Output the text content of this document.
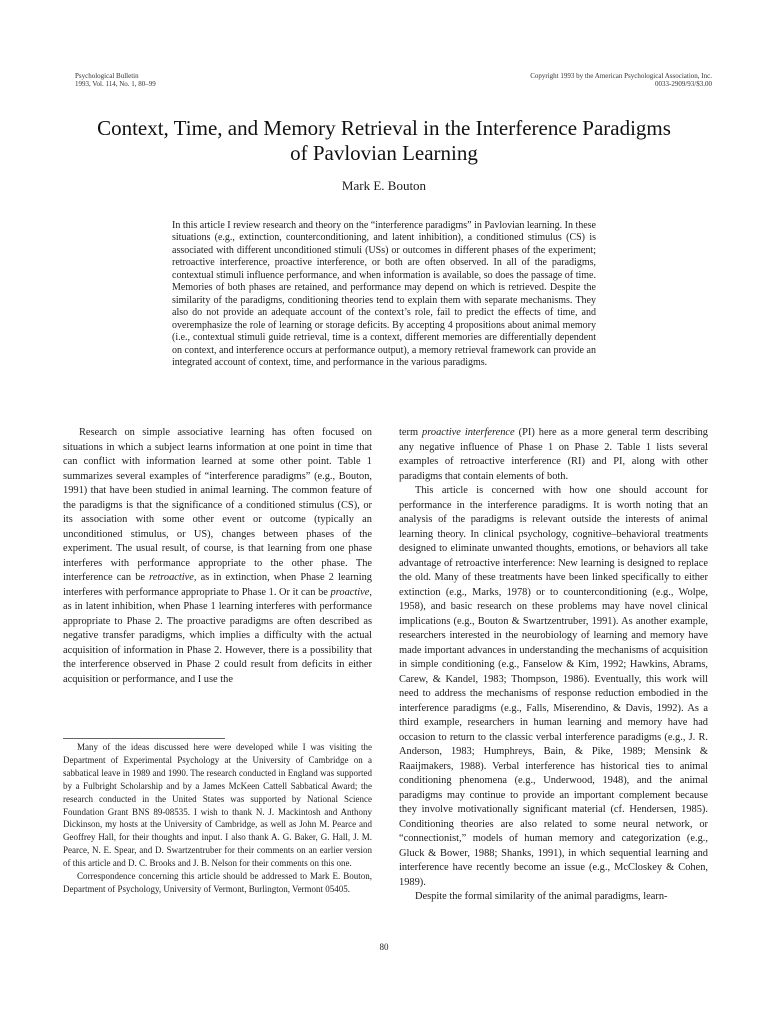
Psychological Bulletin
1993, Vol. 114, No. 1, 80–99
Copyright 1993 by the American Psychological Association, Inc.
0033-2909/93/$3.00
Context, Time, and Memory Retrieval in the Interference Paradigms
of Pavlovian Learning
Mark E. Bouton
In this article I review research and theory on the “interference paradigms” in Pavlovian learning. In these situations (e.g., extinction, counterconditioning, and latent inhibition), a conditioned stimulus (CS) is associated with different unconditioned stimuli (USs) or outcomes in different phases of the experiment; retroactive interference, proactive interference, or both are often observed. In all of the paradigms, contextual stimuli influence performance, and when information is available, so does the passage of time. Memories of both phases are retained, and performance may depend on which is retrieved. Despite the similarity of the paradigms, conditioning theories tend to explain them with separate mechanisms. They also do not provide an adequate account of the context’s role, fail to predict the effects of time, and overemphasize the role of learning or storage deficits. By accepting 4 propositions about animal memory (i.e., contextual stimuli guide retrieval, time is a context, different memories are differentially dependent on context, and interference occurs at performance output), a memory retrieval framework can provide an integrated account of context, time, and performance in the various paradigms.

Research on simple associative learning has often focused on situations in which a subject learns information at one point in time that can conflict with information learned at some other point. Table 1 summarizes several examples of “interference paradigms” (e.g., Bouton, 1991) that have been studied in animal learning. The common feature of the paradigms is that the significance of a conditioned stimulus (CS), or its association with some other event or outcome (typically an unconditioned stimulus, or US), changes between phases of the experiment. The usual result, of course, is that learning from one phase interferes with performance appropriate to the other phase. The interference can be retroactive, as in extinction, when Phase 2 learning interferes with performance appropriate to Phase 1. Or it can be proactive, as in latent inhibition, when Phase 1 learning interferes with performance appropriate to Phase 2. The proactive paradigms are often described as negative transfer paradigms, which implies a difficulty with the actual acquisition of information in Phase 2. However, there is a possibility that the interference observed in Phase 2 could result from deficits in either acquisition or performance, and I use the

Many of the ideas discussed here were developed while I was visiting the Department of Experimental Psychology at the University of Cambridge on a sabbatical leave in 1989 and 1990. The research conducted in England was supported by a Fulbright Scholarship and by a James McKeen Cattell Sabbatical Award; the research conducted in the United States was supported by National Science Foundation Grant BNS 89-08535. I wish to thank N. J. Mackintosh and Anthony Dickinson, my hosts at the University of Cambridge, as well as John M. Pearce and Geoffrey Hall, for their thoughts and input. I also thank A. G. Baker, G. Hall, J. M. Pearce, N. E. Spear, and D. Swartzentruber for their comments on an earlier version of this article and D. C. Brooks and J. B. Nelson for their comments on this one.

Correspondence concerning this article should be addressed to Mark E. Bouton, Department of Psychology, University of Vermont, Burlington, Vermont 05405.

term proactive interference (PI) here as a more general term describing any negative influence of Phase 1 on Phase 2. Table 1 lists several examples of retroactive interference (RI) and PI, along with other paradigms that contain elements of both.

This article is concerned with how one should account for performance in the interference paradigms. It is worth noting that an analysis of the paradigms is relevant outside the interests of animal learning theory. In clinical psychology, cognitive–behavioral treatments designed to eliminate unwanted thoughts, emotions, or behaviors all take advantage of retroactive interference: New learning is designed to replace the old. Many of these treatments have been linked specifically to either extinction (e.g., Marks, 1978) or to counterconditioning (e.g., Wolpe, 1958), and basic research on these problems may have novel clinical implications (e.g., Bouton & Swartzentruber, 1991). As another example, researchers interested in the neurobiology of learning and memory have made important advances in understanding the mechanisms of acquisition in simple conditioning (e.g., Fanselow & Kim, 1992; Hawkins, Abrams, Carew, & Kandel, 1983; Thompson, 1986). Eventually, this work will need to address the mechanisms of response reduction embodied in the interference paradigms (e.g., Falls, Miserendino, & Davis, 1992). As a third example, researchers in human learning and memory have had occasion to return to the classic verbal interference paradigms (e.g., J. R. Anderson, 1983; Humphreys, Bain, & Pike, 1989; Mensink & Raaijmakers, 1988). Verbal interference has historical ties to animal conditioning phenomena (e.g., Underwood, 1948), and the animal paradigms may continue to provide an important complement because they involve motivationally significant material (cf. Hendersen, 1985). Conditioning theories are also related to some neural network, or “connectionist,” models of human memory and categorization (e.g., Gluck & Bower, 1988; Shanks, 1991), in which sequential learning and interference have recently become an issue (e.g., McCloskey & Cohen, 1989).

Despite the formal similarity of the animal paradigms, learn-

80
